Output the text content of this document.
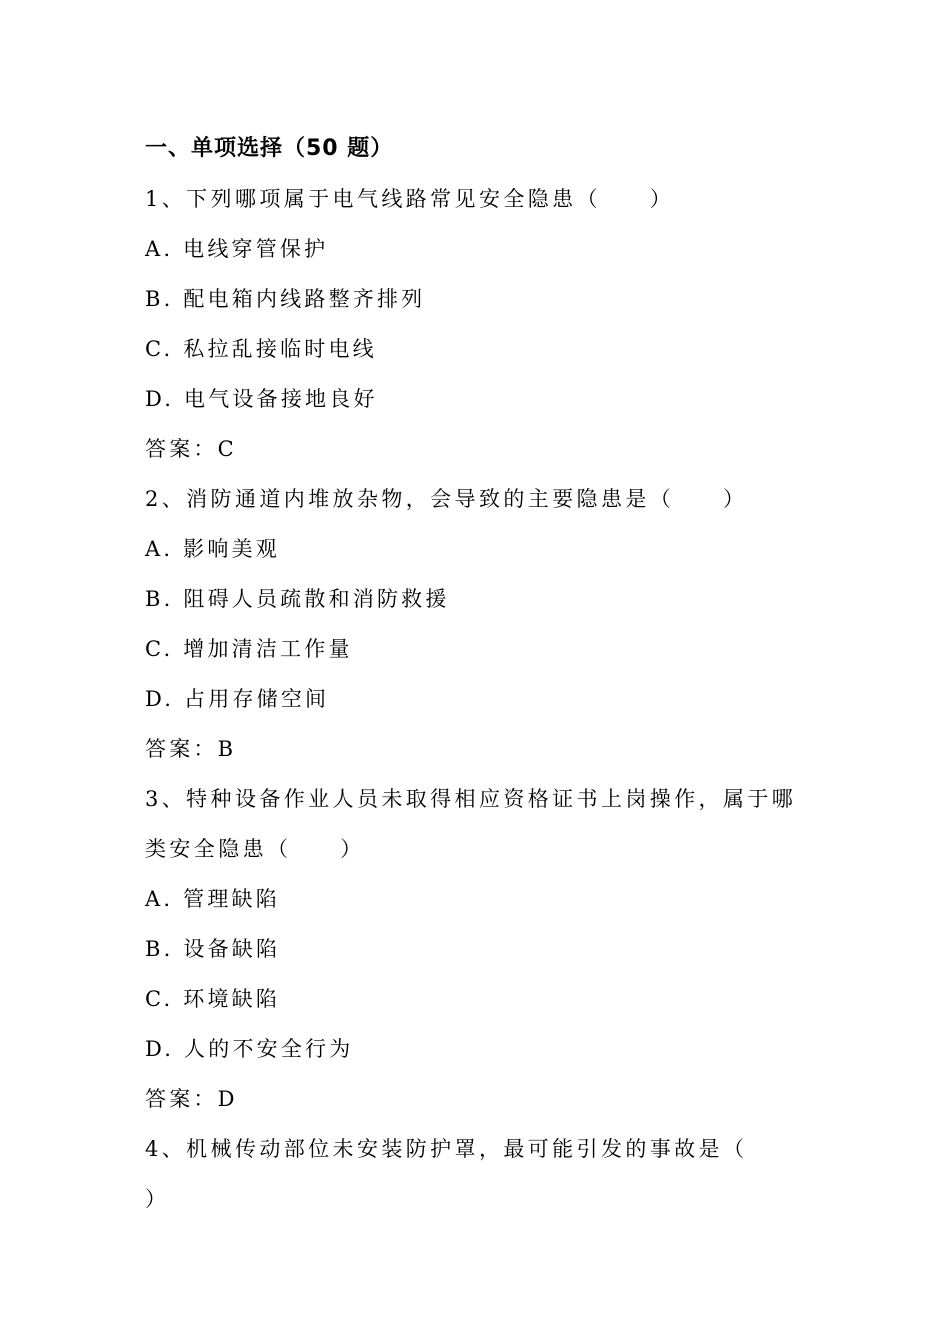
一、单项选择（50 题）
1、下列哪项属于电气线路常见安全隐患（　　）
A. 电线穿管保护
B. 配电箱内线路整齐排列
C. 私拉乱接临时电线
D. 电气设备接地良好
答案：C
2、消防通道内堆放杂物，会导致的主要隐患是（　　）
A. 影响美观
B. 阻碍人员疏散和消防救援
C. 增加清洁工作量
D. 占用存储空间
答案：B
3、特种设备作业人员未取得相应资格证书上岗操作，属于哪类安全隐患（　　）
A. 管理缺陷
B. 设备缺陷
C. 环境缺陷
D. 人的不安全行为
答案：D
4、机械传动部位未安装防护罩，最可能引发的事故是（　　）
